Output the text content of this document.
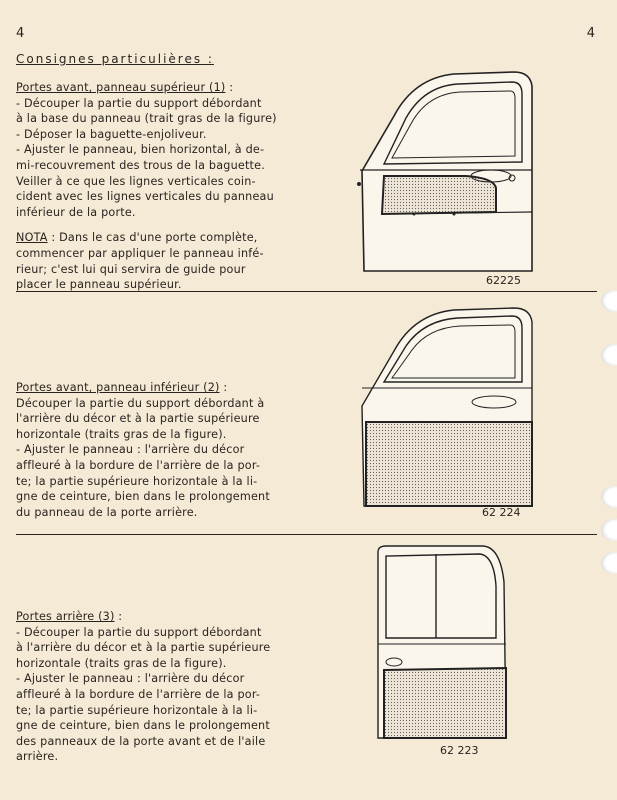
4	4
Consignes particulières :
Portes avant, panneau supérieur (1) :
- Découper la partie du support débordant
à la base du panneau (trait gras de la figure)
- Déposer la baguette-enjoliveur.
- Ajuster le panneau, bien horizontal, à de-
mi-recouvrement des trous de la baguette.
Veiller à ce que les lignes verticales coin-
cident avec les lignes verticales du panneau
inférieur de la porte.
NOTA : Dans le cas d'une porte complète,
commencer par appliquer le panneau infé-
rieur; c'est lui qui servira de guide pour
placer le panneau supérieur.	62225
Portes avant, panneau inférieur (2) :
Découper la partie du support débordant à
l'arrière du décor et à la partie supérieure
horizontale (traits gras de la figure).
- Ajuster le panneau : l'arrière du décor
affleuré à la bordure de l'arrière de la por-
te; la partie supérieure horizontale à la li-
gne de ceinture, bien dans le prolongement
du panneau de la porte arrière.	62 224
Portes arrière (3) :
- Découper la partie du support débordant
à l'arrière du décor et à la partie supérieure
horizontale (traits gras de la figure).
- Ajuster le panneau : l'arrière du décor
affleuré à la bordure de l'arrière de la por-
te; la partie supérieure horizontale à la li-
gne de ceinture, bien dans le prolongement
des panneaux de la porte avant et de l'aile
arrière.	62 223
